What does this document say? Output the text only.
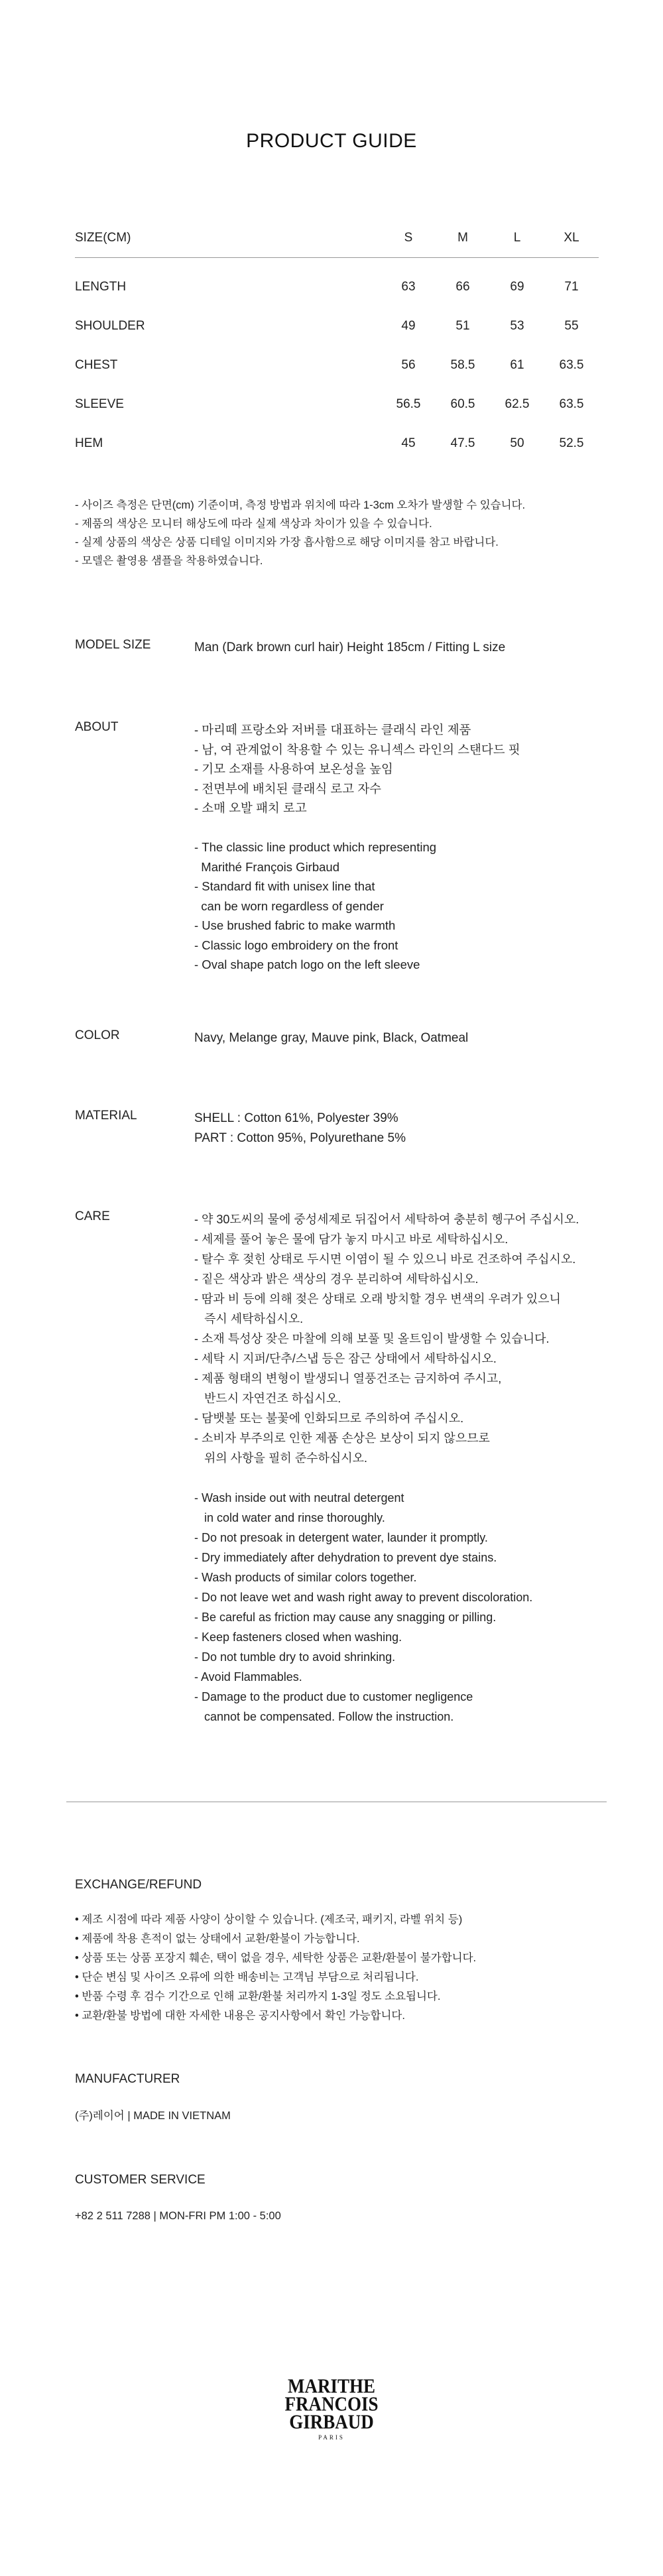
PRODUCT GUIDE
SIZE(CM)	S	M	L	XL

LENGTH	63	66	69	71
SHOULDER	49	51	53	55
CHEST	56	58.5	61	63.5
SLEEVE	56.5	60.5	62.5	63.5
HEM	45	47.5	50	52.5
- 사이즈 측정은 단면(cm) 기준이며, 측정 방법과 위치에 따라 1-3cm 오차가 발생할 수 있습니다.
- 제품의 색상은 모니터 해상도에 따라 실제 색상과 차이가 있을 수 있습니다.
- 실제 상품의 색상은 상품 디테일 이미지와 가장 흡사함으로 해당 이미지를 참고 바랍니다.
- 모델은 촬영용 샘플을 착용하였습니다.
MODEL SIZE	Man (Dark brown curl hair) Height 185cm / Fitting L size
ABOUT	- 마리떼 프랑소와 저버를 대표하는 클래식 라인 제품
- 남, 여 관계없이 착용할 수 있는 유니섹스 라인의 스탠다드 핏
- 기모 소재를 사용하여 보온성을 높임
- 전면부에 배치된 클래식 로고 자수
- 소매 오발 패치 로고

- The classic line product which representing
Marithé François Girbaud
- Standard fit with unisex line that
can be worn regardless of gender
- Use brushed fabric to make warmth
- Classic logo embroidery on the front
- Oval shape patch logo on the left sleeve
COLOR	Navy, Melange gray, Mauve pink, Black, Oatmeal
MATERIAL	SHELL : Cotton 61%, Polyester 39%
PART : Cotton 95%, Polyurethane 5%
CARE	- 약 30도씨의 물에 중성세제로 뒤집어서 세탁하여 충분히 헹구어 주십시오.
- 세제를 풀어 놓은 물에 담가 놓지 마시고 바로 세탁하십시오.
- 탈수 후 젖힌 상태로 두시면 이염이 될 수 있으니 바로 건조하여 주십시오.
- 짙은 색상과 밝은 색상의 경우 분리하여 세탁하십시오.
- 땀과 비 등에 의해 젖은 상태로 오래 방치할 경우 변색의 우려가 있으니
즉시 세탁하십시오.
- 소재 특성상 잦은 마찰에 의해 보풀 및 올트임이 발생할 수 있습니다.
- 세탁 시 지퍼/단추/스냅 등은 잠근 상태에서 세탁하십시오.
- 제품 형태의 변형이 발생되니 열풍건조는 금지하여 주시고,
반드시 자연건조 하십시오.
- 담뱃불 또는 불꽃에 인화되므로 주의하여 주십시오.
- 소비자 부주의로 인한 제품 손상은 보상이 되지 않으므로
위의 사항을 필히 준수하십시오.

- Wash inside out with neutral detergent
in cold water and rinse thoroughly.
- Do not presoak in detergent water, launder it promptly.
- Dry immediately after dehydration to prevent dye stains.
- Wash products of similar colors together.
- Do not leave wet and wash right away to prevent discoloration.
- Be careful as friction may cause any snagging or pilling.
- Keep fasteners closed when washing.
- Do not tumble dry to avoid shrinking.
- Avoid Flammables.
- Damage to the product due to customer negligence
cannot be compensated. Follow the instruction.
EXCHANGE/REFUND
• 제조 시점에 따라 제품 사양이 상이할 수 있습니다. (제조국, 패키지, 라벨 위치 등)
• 제품에 착용 흔적이 없는 상태에서 교환/환불이 가능합니다.
• 상품 또는 상품 포장지 훼손, 택이 없을 경우, 세탁한 상품은 교환/환불이 불가합니다.
• 단순 변심 및 사이즈 오류에 의한 배송비는 고객님 부담으로 처리됩니다.
• 반품 수령 후 검수 기간으로 인해 교환/환불 처리까지 1-3일 정도 소요됩니다.
• 교환/환불 방법에 대한 자세한 내용은 공지사항에서 확인 가능합니다.
MANUFACTURER
(주)레이어 | MADE IN VIETNAM
CUSTOMER SERVICE
+82 2 511 7288 | MON-FRI PM 1:00 - 5:00
MARITHE
FRANCOIS
GIRBAUD
PARIS
